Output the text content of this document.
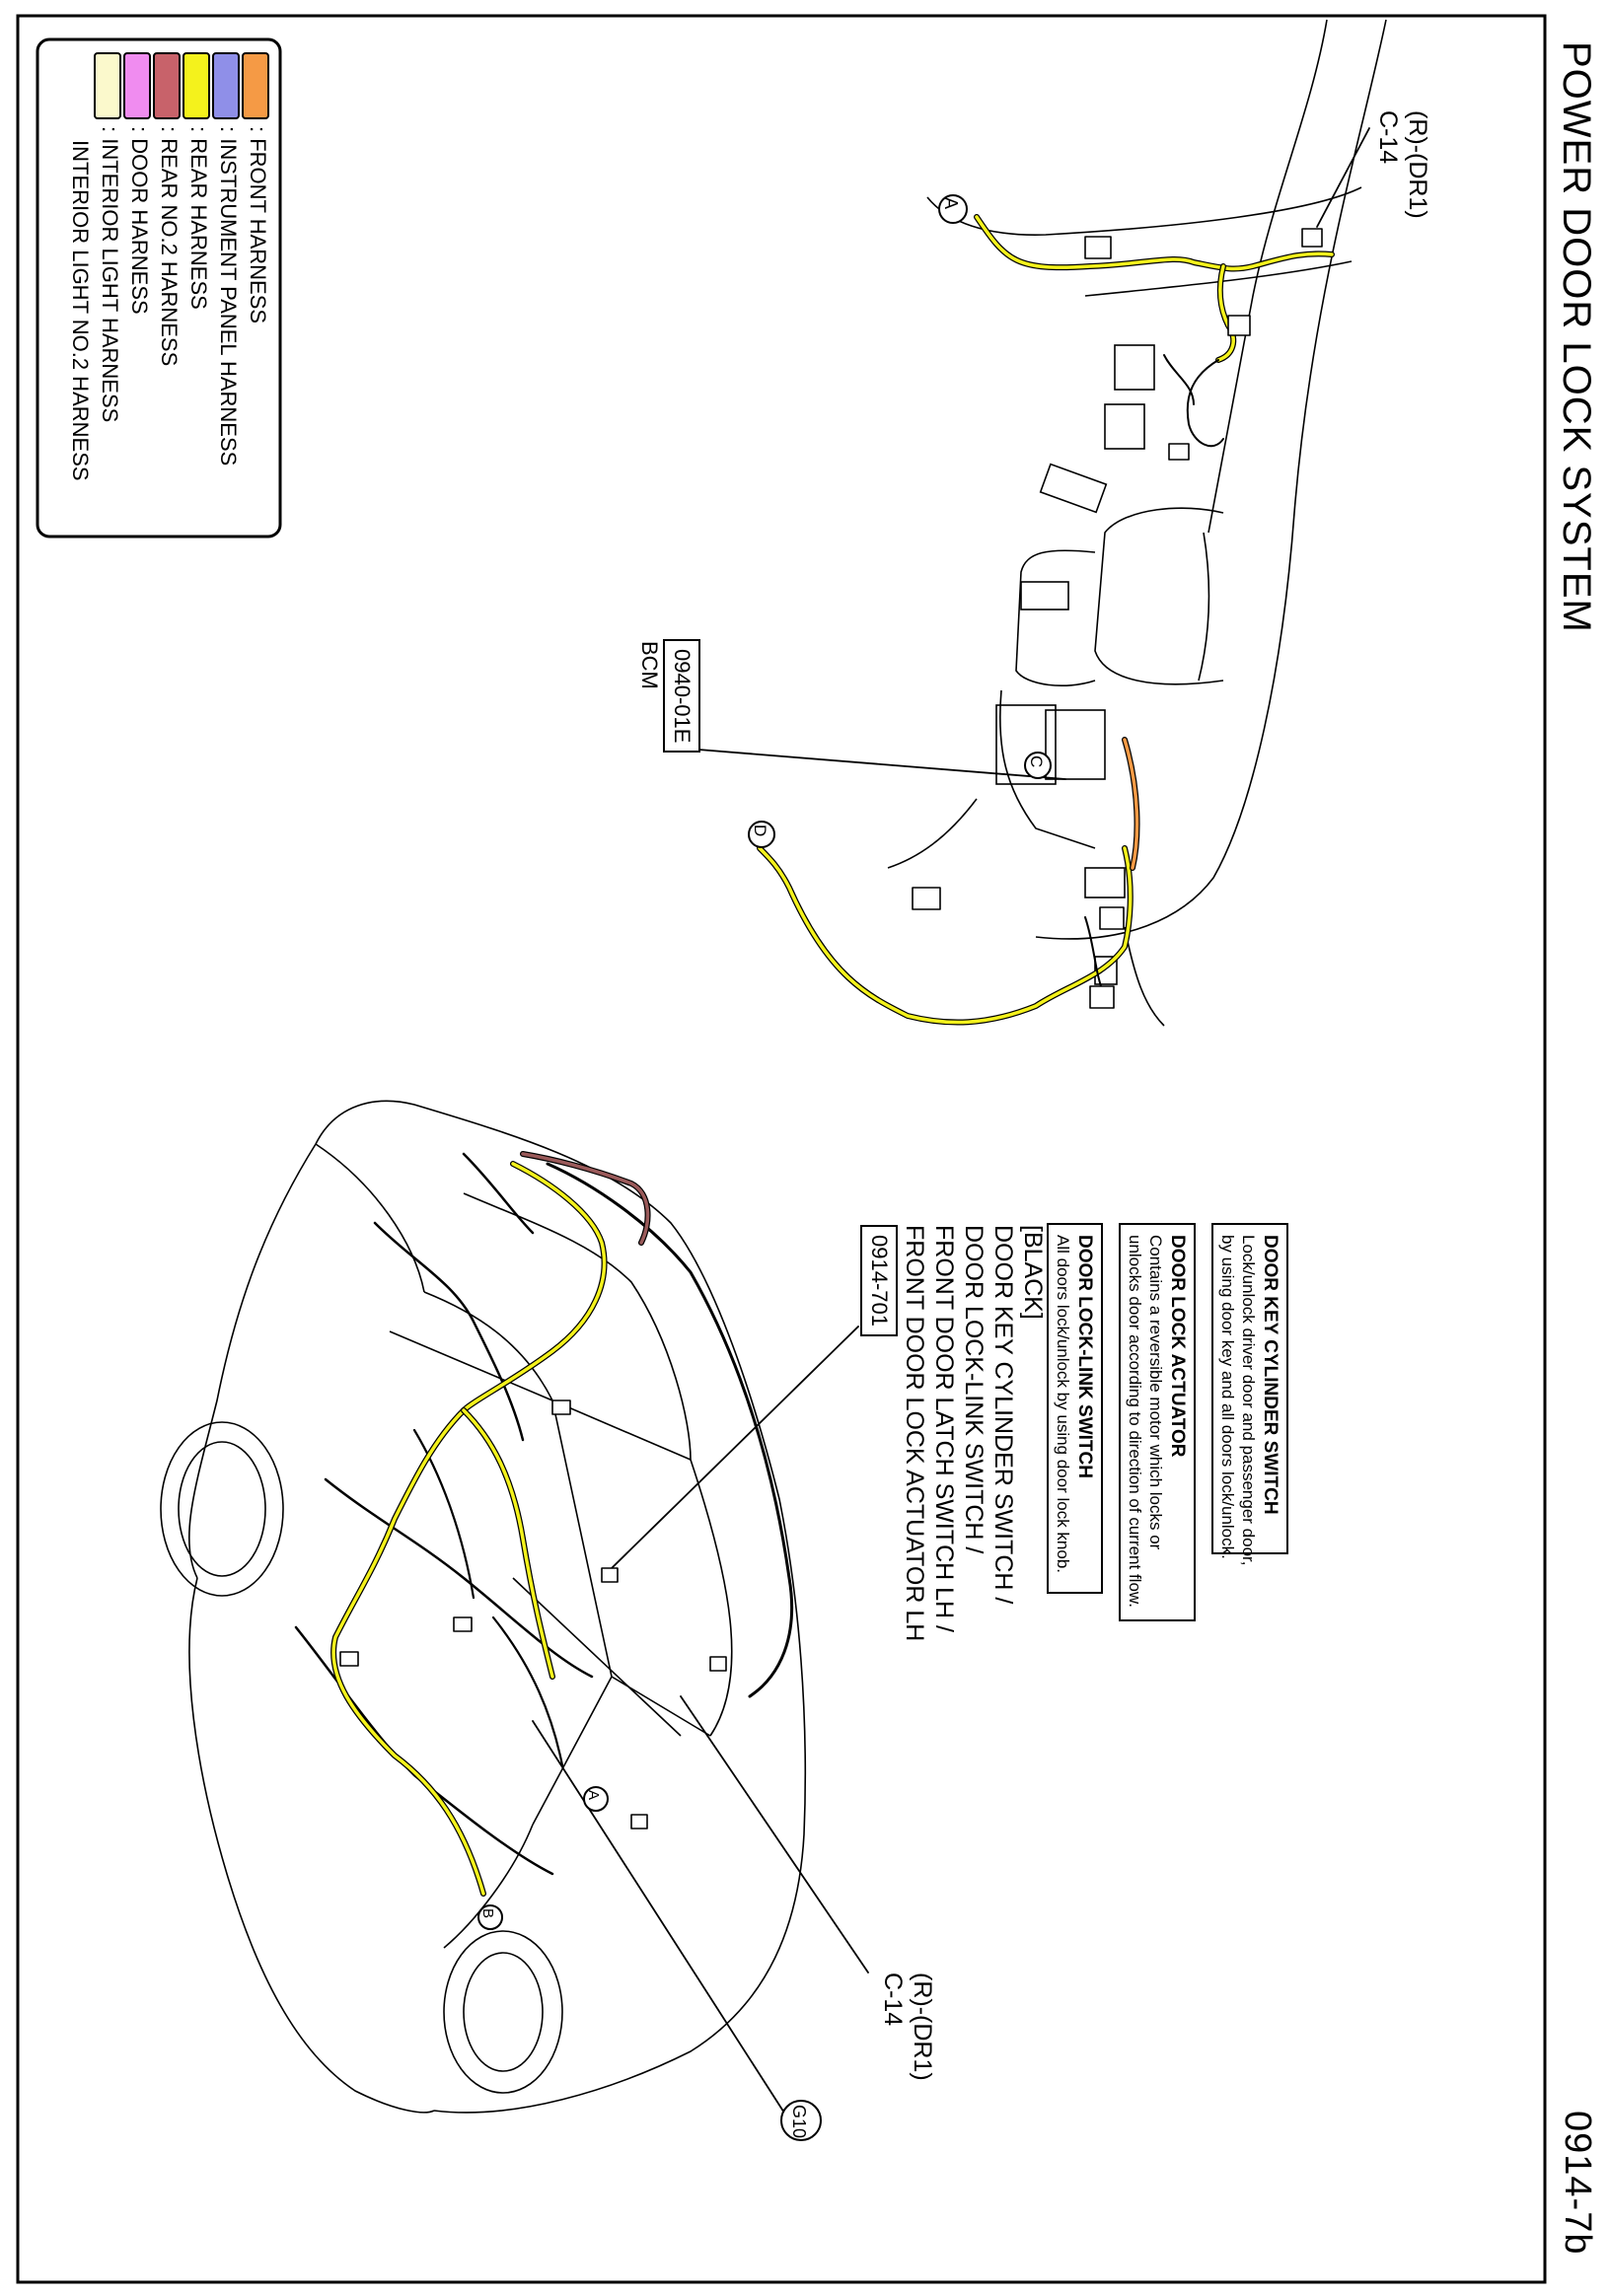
POWER DOOR LOCK SYSTEM
0914-7b
: FRONT HARNESS
: INSTRUMENT PANEL HARNESS
: REAR HARNESS
: REAR NO.2 HARNESS
: DOOR HARNESS
: INTERIOR LIGHT HARNESS
INTERIOR LIGHT NO.2 HARNESS	(R)-(DR1)
C-14
0940-01E
BCM
A
C
D
DOOR KEY CYLINDER SWITCH
Lock/unlock driver door and passenger door,
by using door key and all doors lock/unlock.
DOOR LOCK ACTUATOR
Contains a reversible motor which locks or
unlocks door according to direction of current flow.
DOOR LOCK-LINK SWITCH
All doors lock/unlock by using door lock knob.
[BLACK]
DOOR KEY CYLINDER SWITCH /
DOOR LOCK-LINK SWITCH /
FRONT DOOR LATCH SWITCH LH /
FRONT DOOR LOCK ACTUATOR LH
0914-701
(R)-(DR1)
C-14
G10
A
B
